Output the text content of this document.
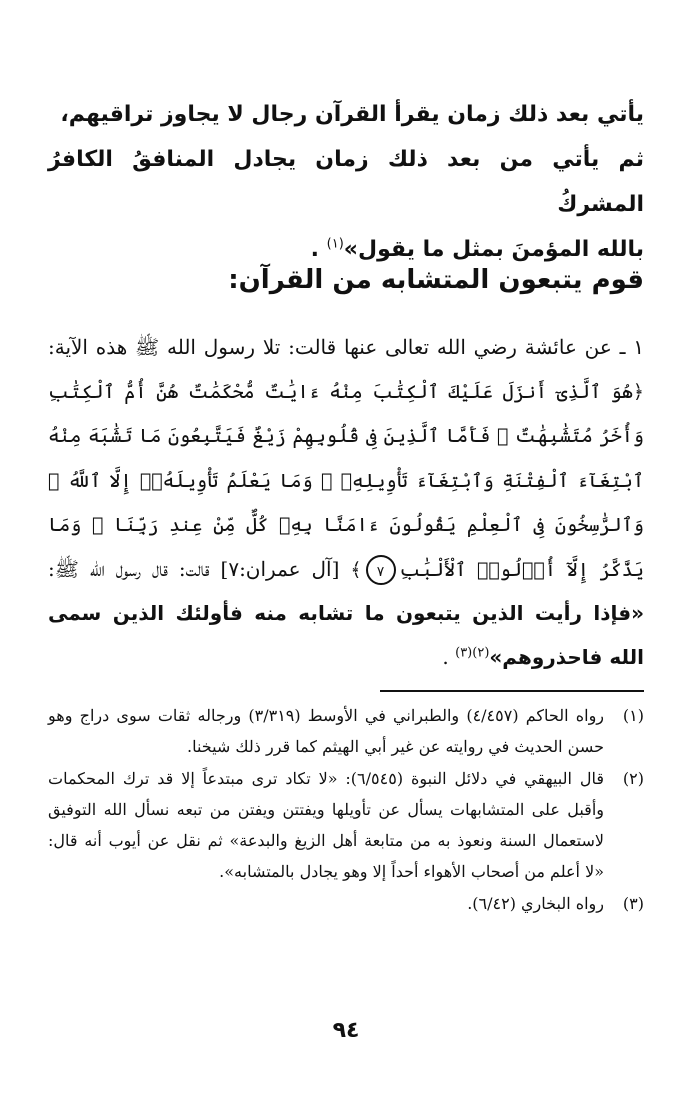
يأتي بعد ذلك زمان يقرأ القرآن رجال لا يجاوز تراقيهم،
ثم يأتي من بعد ذلك زمان يجادل المنافقُ الكافرُ المشركُ
بالله المؤمنَ بمثل ما يقول»$^{(١)}$ .
قوم يتبعون المتشابه من القرآن:
١ ـ عن عائشة رضي الله تعالى عنها قالت: تلا رسول الله ﷺ هذه الآية: ﴿هُوَ ٱلَّذِىٓ أَنزَلَ عَلَيْكَ ٱلْكِتَٰبَ مِنْهُ ءَايَٰتٌ مُّحْكَمَٰتٌ هُنَّ أُمُّ ٱلْكِتَٰبِ وَأُخَرُ مُتَشَٰبِهَٰتٌ ۖ فَأَمَّا ٱلَّذِينَ فِى قُلُوبِهِمْ زَيْغٌ فَيَتَّبِعُونَ مَا تَشَٰبَهَ مِنْهُ ٱبْتِغَآءَ ٱلْفِتْنَةِ وَٱبْتِغَآءَ تَأْوِيلِهِۦ ۗ وَمَا يَعْلَمُ تَأْوِيلَهُۥٓ إِلَّا ٱللَّهُ ۗ وَٱلرَّٰسِخُونَ فِى ٱلْعِلْمِ يَقُولُونَ ءَامَنَّا بِهِۦ كُلٌّ مِّنْ عِندِ رَبِّنَا ۗ وَمَا يَذَّكَّرُ إِلَّآ أُو۟لُوا۟ ٱلْأَلْبَٰبِ٧﴾ [آل عمران:٧] قالت: قال رسول الله ﷺ: «فإذا رأيت الذين يتبعون ما تشابه منه فأولئك الذين سمى الله فاحذروهم»$^{(٢)(٣)}$ .
(١)
رواه الحاكم (٤/٤٥٧) والطبراني في الأوسط (٣/٣١٩) ورجاله ثقات سوى دراج وهو حسن الحديث في روايته عن غير أبي الهيثم كما قرر ذلك شيخنا.
(٢)
قال البيهقي في دلائل النبوة (٦/٥٤٥): «لا تكاد ترى مبتدعاً إلا قد ترك المحكمات وأقبل على المتشابهات يسأل عن تأويلها ويفتتن ويفتن من تبعه نسأل الله التوفيق لاستعمال السنة ونعوذ به من متابعة أهل الزيغ والبدعة» ثم نقل عن أيوب أنه قال: «لا أعلم من أصحاب الأهواء أحداً إلا وهو يجادل بالمتشابه».
(٣)
رواه البخاري (٦/٤٢).
٩٤
